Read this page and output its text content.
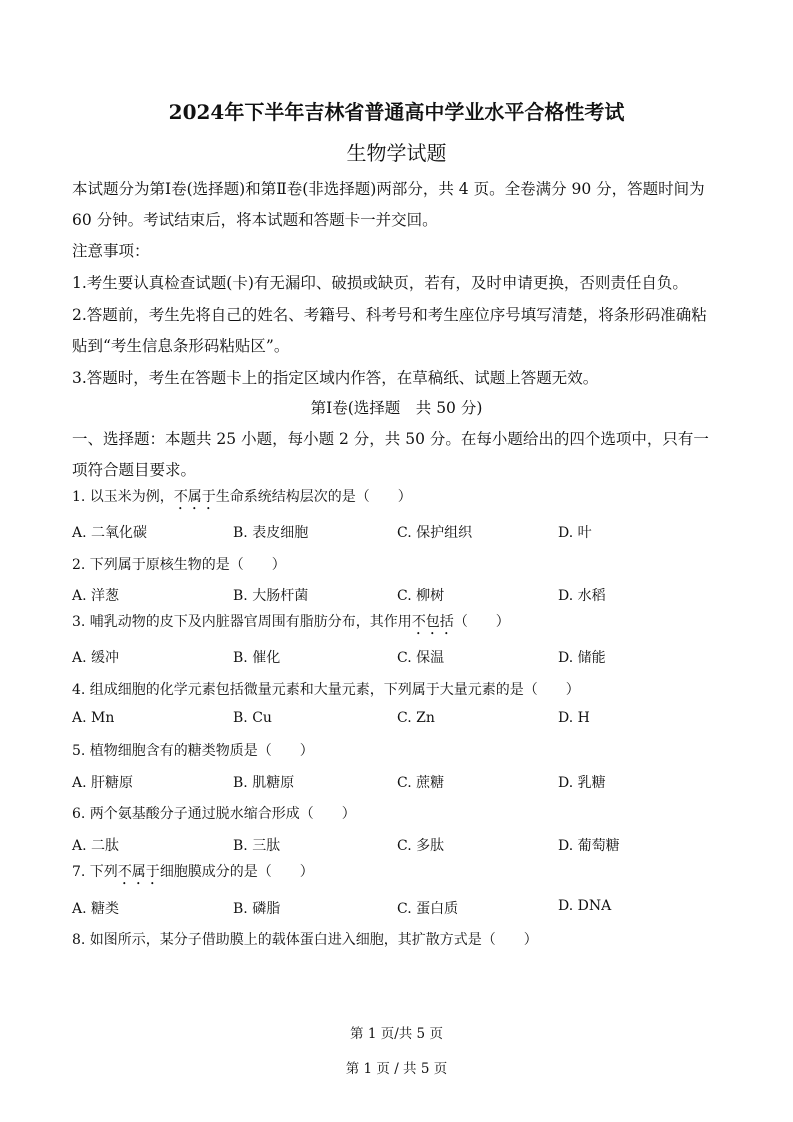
2024年下半年吉林省普通高中学业水平合格性考试
生物学试题
本试题分为第Ⅰ卷(选择题)和第Ⅱ卷(非选择题)两部分，共 4 页。全卷满分 90 分，答题时间为
60 分钟。考试结束后，将本试题和答题卡一并交回。
注意事项：
1.考生要认真检查试题(卡)有无漏印、破损或缺页，若有，及时申请更换，否则责任自负。
2.答题前，考生先将自己的姓名、考籍号、科考号和考生座位序号填写清楚，将条形码准确粘
贴到“考生信息条形码粘贴区”。
3.答题时，考生在答题卡上的指定区域内作答，在草稿纸、试题上答题无效。
第Ⅰ卷(选择题　共 50 分)
一、选择题：本题共 25 小题，每小题 2 分，共 50 分。在每小题给出的四个选项中，只有一
项符合题目要求。
1. 以玉米为例，不属于生命系统结构层次的是（　　）
A. 二氧化碳	B. 表皮细胞	C. 保护组织	D. 叶
2. 下列属于原核生物的是（　　）
A. 洋葱	B. 大肠杆菌	C. 柳树	D. 水稻
3. 哺乳动物的皮下及内脏器官周围有脂肪分布，其作用不包括（　　）
A. 缓冲	B. 催化	C. 保温	D. 储能
4. 组成细胞的化学元素包括微量元素和大量元素，下列属于大量元素的是（　　）
A. Mn	B. Cu	C. Zn	D. H
5. 植物细胞含有的糖类物质是（　　）
A. 肝糖原	B. 肌糖原	C. 蔗糖	D. 乳糖
6. 两个氨基酸分子通过脱水缩合形成（　　）
A. 二肽	B. 三肽	C. 多肽	D. 葡萄糖
7. 下列不属于细胞膜成分的是（　　）
A. 糖类	B. 磷脂	C. 蛋白质	D. DNA
8. 如图所示，某分子借助膜上的载体蛋白进入细胞，其扩散方式是（　　）
第 1 页/共 5 页
第 1 页 / 共 5 页
